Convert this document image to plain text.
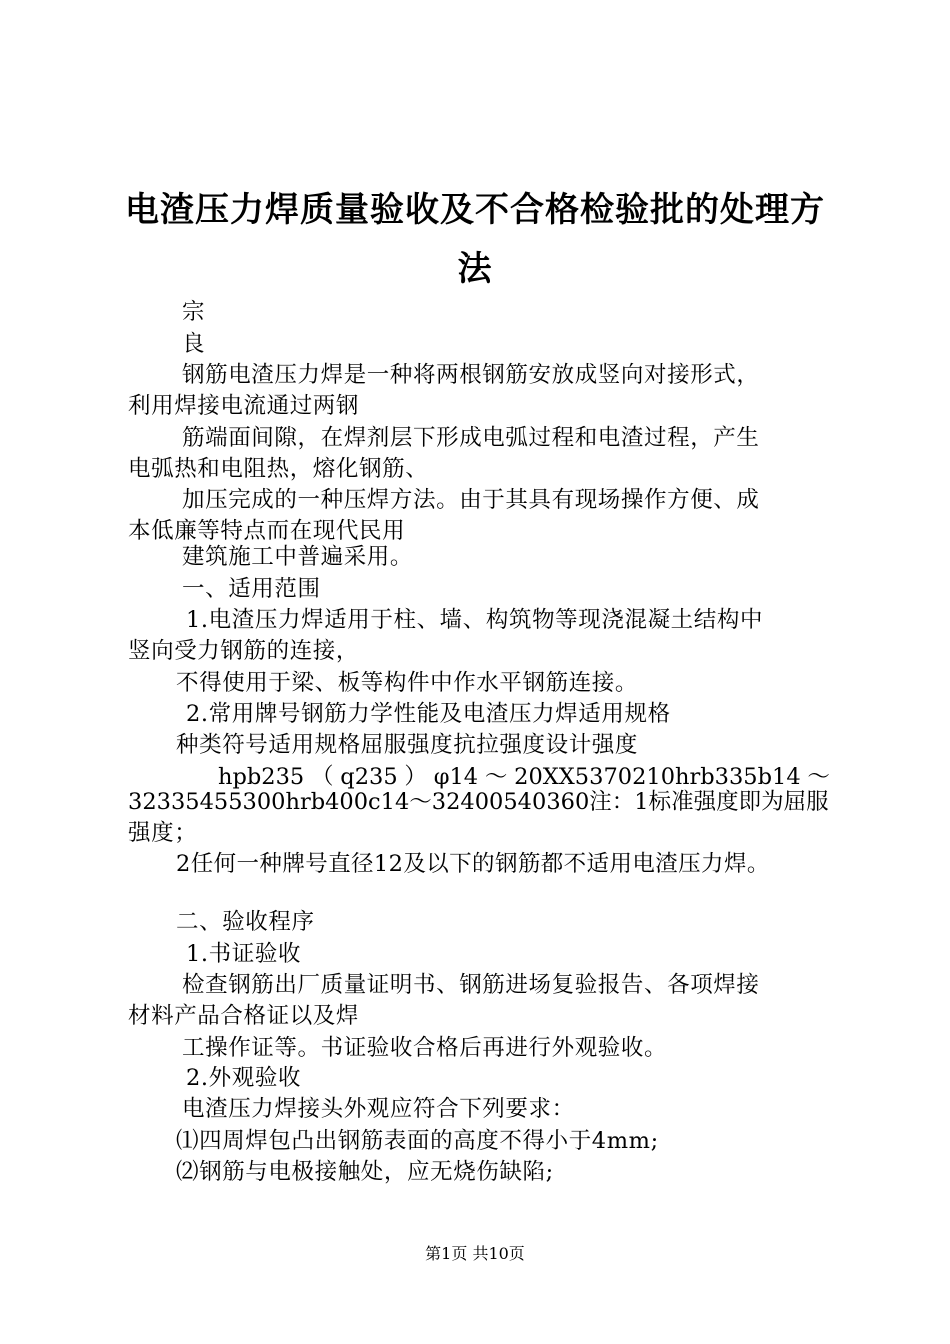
电渣压力焊质量验收及不合格检验批的处理方
法
宗
良
钢筋电渣压力焊是一种将两根钢筋安放成竖向对接形式，
利用焊接电流通过两钢
筋端面间隙，在焊剂层下形成电弧过程和电渣过程，产生
电弧热和电阻热，熔化钢筋、
加压完成的一种压焊方法。由于其具有现场操作方便、成
本低廉等特点而在现代民用
建筑施工中普遍采用。
一、适用范围
1.电渣压力焊适用于柱、墙、构筑物等现浇混凝土结构中
竖向受力钢筋的连接，
不得使用于梁、板等构件中作水平钢筋连接。
2.常用牌号钢筋力学性能及电渣压力焊适用规格
种类符号适用规格屈服强度抗拉强度设计强度
hpb235 （ q235 ） φ14 ～ 20XX5370210hrb335b14 ～
32335455300hrb400c14～32400540360注：1标准强度即为屈服
强度；
2任何一种牌号直径12及以下的钢筋都不适用电渣压力焊。
二、验收程序
1.书证验收
检查钢筋出厂质量证明书、钢筋进场复验报告、各项焊接
材料产品合格证以及焊
工操作证等。书证验收合格后再进行外观验收。
2.外观验收
电渣压力焊接头外观应符合下列要求：
⑴四周焊包凸出钢筋表面的高度不得小于4mm;
⑵钢筋与电极接触处，应无烧伤缺陷;
第1页 共10页
